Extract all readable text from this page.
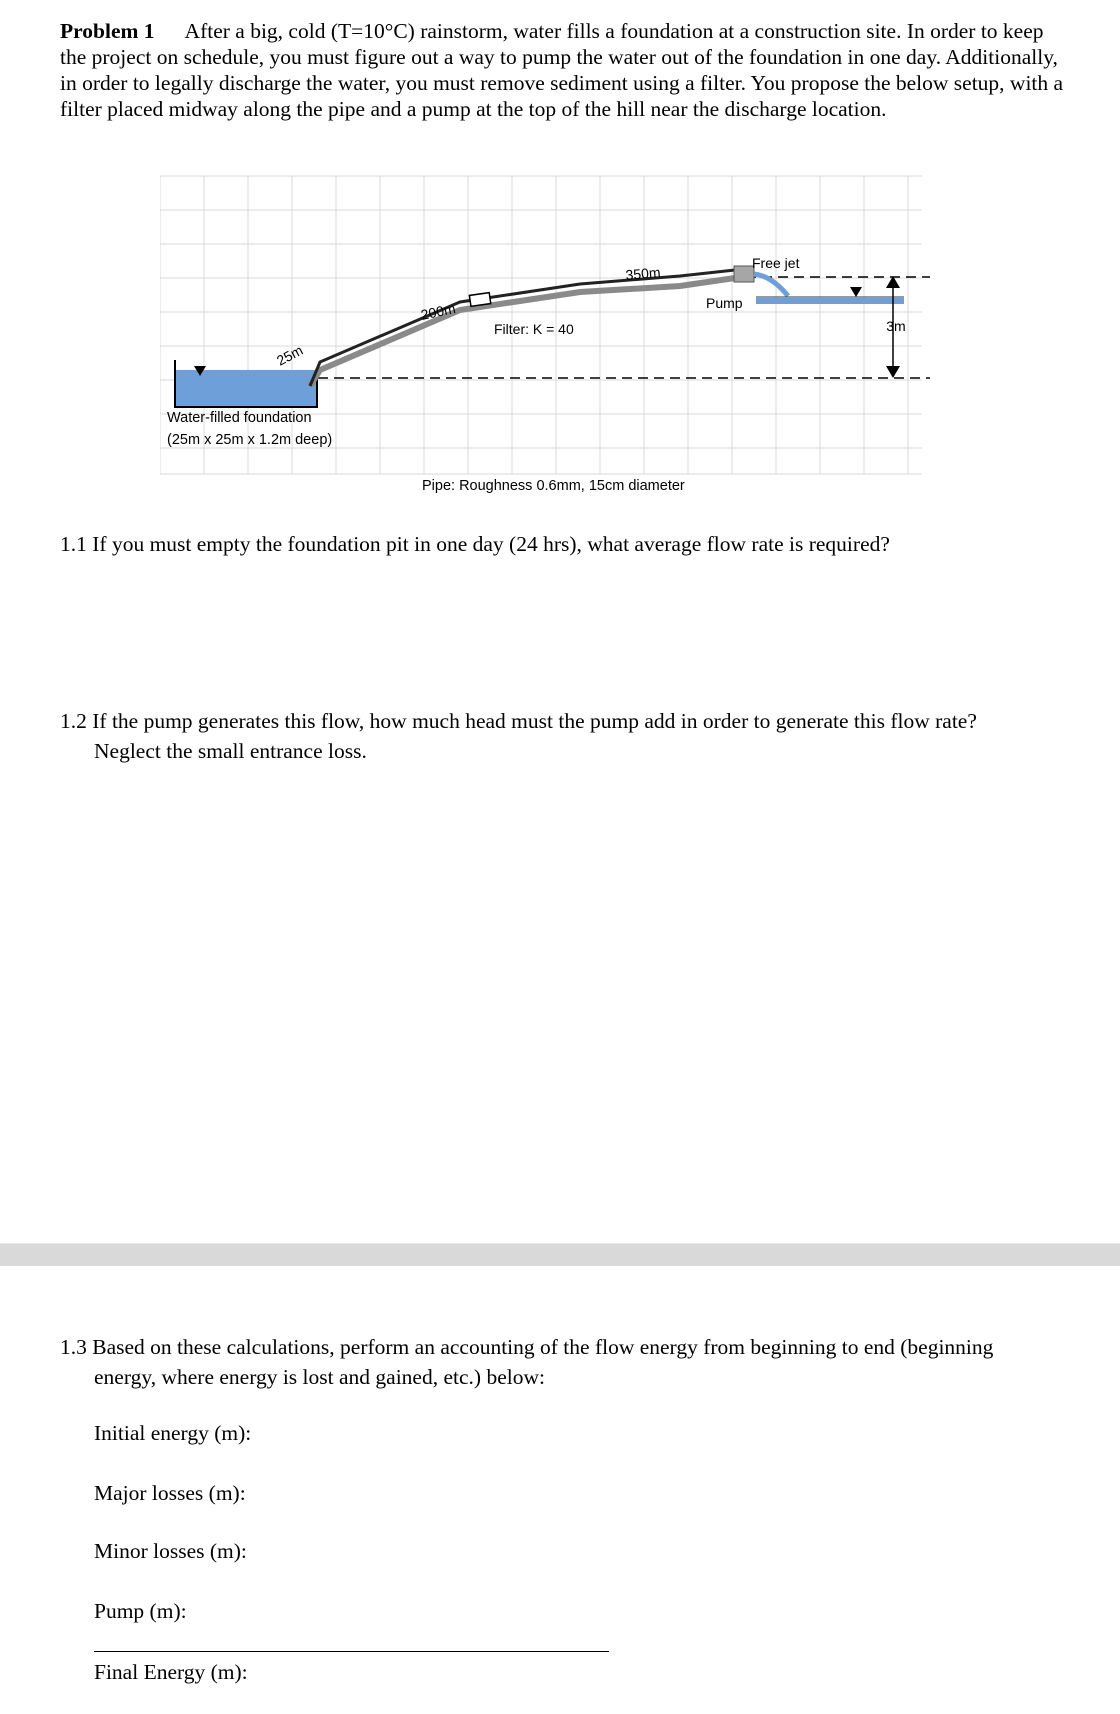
Problem 1 After a big, cold (T=10°C) rainstorm, water fills a foundation at a construction site. In order to keep the project on schedule, you must figure out a way to pump the water out of the foundation in one day. Additionally, in order to legally discharge the water, you must remove sediment using a filter. You propose the below setup, with a filter placed midway along the pipe and a pump at the top of the hill near the discharge location.
25m
200m
350m
Filter: K = 40
Pump
Free jet
3m
Water-filled foundation
(25m x 25m x 1.2m deep)
Pipe: Roughness 0.6mm, 15cm diameter
1.1 If you must empty the foundation pit in one day (24 hrs), what average flow rate is required?
1.2 If the pump generates this flow, how much head must the pump add in order to generate this flow rate?
Neglect the small entrance loss.
1.3 Based on these calculations, perform an accounting of the flow energy from beginning to end (beginning
energy, where energy is lost and gained, etc.) below:
Initial energy (m):
Major losses (m):
Minor losses (m):
Pump (m):
Final Energy (m):
